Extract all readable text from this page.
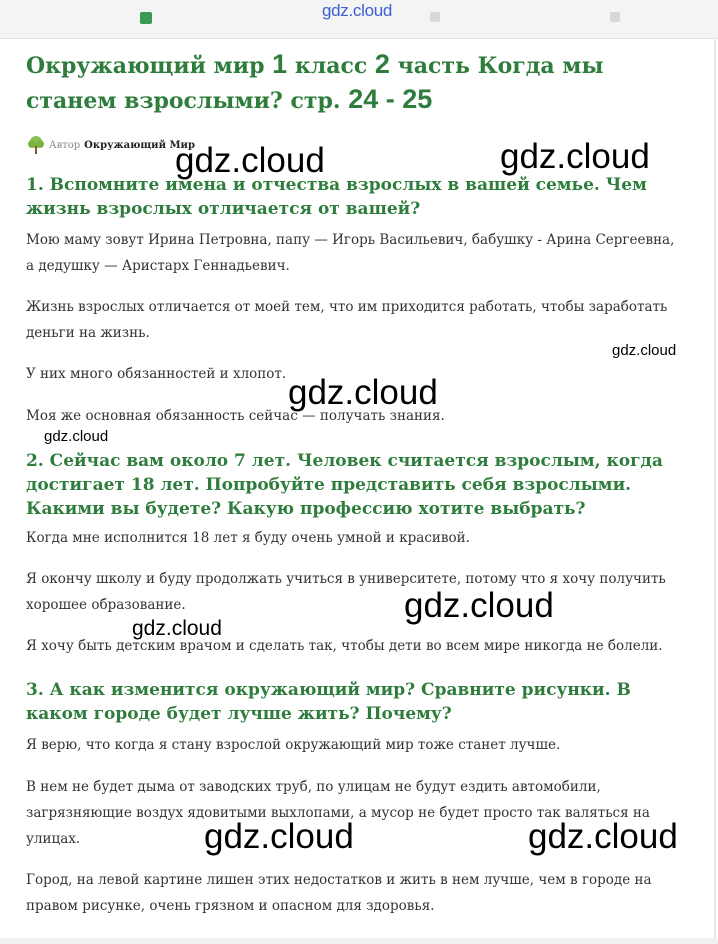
gdz.cloud
Окружающий мир 1 класс 2 часть Когда мы станем взрослыми? стр. 24 - 25
Автор Окружающий Мир
1. Вспомните имена и отчества взрослых в вашей семье. Чем жизнь взрослых отличается от вашей?

Мою маму зовут Ирина Петровна, папу — Игорь Васильевич, бабушку - Арина Сергеевна, а дедушку — Аристарх Геннадьевич.

Жизнь взрослых отличается от моей тем, что им приходится работать, чтобы заработать деньги на жизнь.

У них много обязанностей и хлопот.

Моя же основная обязанность сейчас — получать знания.

2. Сейчас вам около 7 лет. Человек считается взрослым, когда достигает 18 лет. Попробуйте представить себя взрослыми. Какими вы будете? Какую профессию хотите выбрать?

Когда мне исполнится 18 лет я буду очень умной и красивой.

Я окончу школу и буду продолжать учиться в университете, потому что я хочу получить хорошее образование.

Я хочу быть детским врачом и сделать так, чтобы дети во всем мире никогда не болели.

3. А как изменится окружающий мир? Сравните рисунки. В каком городе будет лучше жить? Почему?

Я верю, что когда я стану взрослой окружающий мир тоже станет лучше.

В нем не будет дыма от заводских труб, по улицам не будут ездить автомобили, загрязняющие воздух ядовитыми выхлопами, а мусор не будет просто так валяться на улицах.

Город, на левой картине лишен этих недостатков и жить в нем лучше, чем в городе на правом рисунке, очень грязном и опасном для здоровья.

gdz.cloud	gdz.cloud
gdz.cloud
gdz.cloud
gdz.cloud
gdz.cloud
gdz.cloud
gdz.cloud	gdz.cloud
